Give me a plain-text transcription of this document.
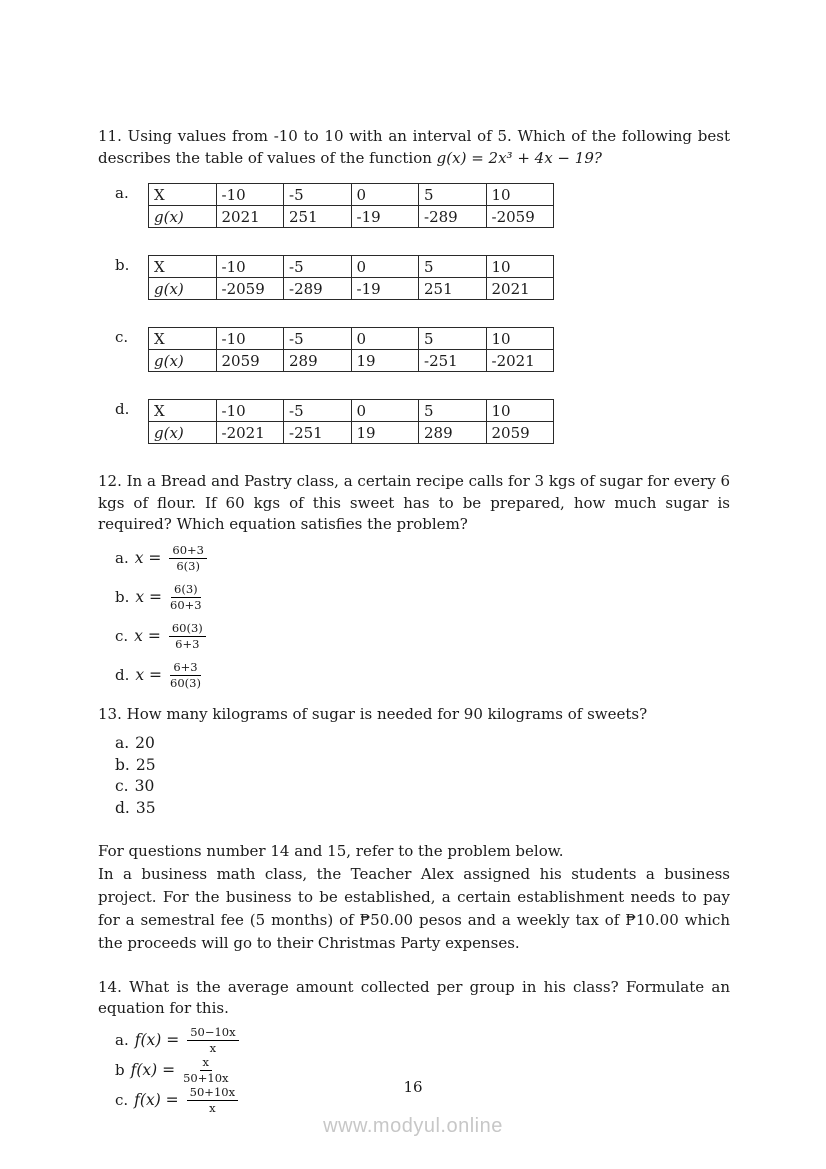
11. Using values from -10 to 10 with an interval of 5. Which of the following best describes the table of values of the function g(x) = 2x³ + 4x − 19?

a.	X	-10	-5	0	5	10
g(x)	2021	251	-19	-289	-2059
b.	X	-10	-5	0	5	10
g(x)	-2059	-289	-19	251	2021
c.	X	-10	-5	0	5	10
g(x)	2059	289	19	-251	-2021
d.	X	-10	-5	0	5	10
g(x)	-2021	-251	19	289	2059

12. In a Bread and Pastry class, a certain recipe calls for 3 kgs of sugar for every 6 kgs of flour. If 60 kgs of this sweet has to be prepared, how much sugar is required? Which equation satisfies the problem?

a. $x = \frac{60+3}{6(3)}$
b. $x = \frac{6(3)}{60+3}$
c. $x = \frac{60(3)}{6+3}$
d. $x = \frac{6+3}{60(3)}$

13. How many kilograms of sugar is needed for 90 kilograms of sweets?

a. 20
b. 25
c. 30
d. 35

For questions number 14 and 15, refer to the problem below.

In a business math class, the Teacher Alex assigned his students a business project. For the business to be established, a certain establishment needs to pay for a semestral fee (5 months) of ₱50.00 pesos and a weekly tax of ₱10.00 which the proceeds will go to their Christmas Party expenses.

14. What is the average amount collected per group in his class? Formulate an equation for this.

a. $f(x) = \frac{50-10x}{x}$
b $f(x) = \frac{x}{50+10x}$
c. $f(x) = \frac{50+10x}{x}$	16
www.modyul.online
